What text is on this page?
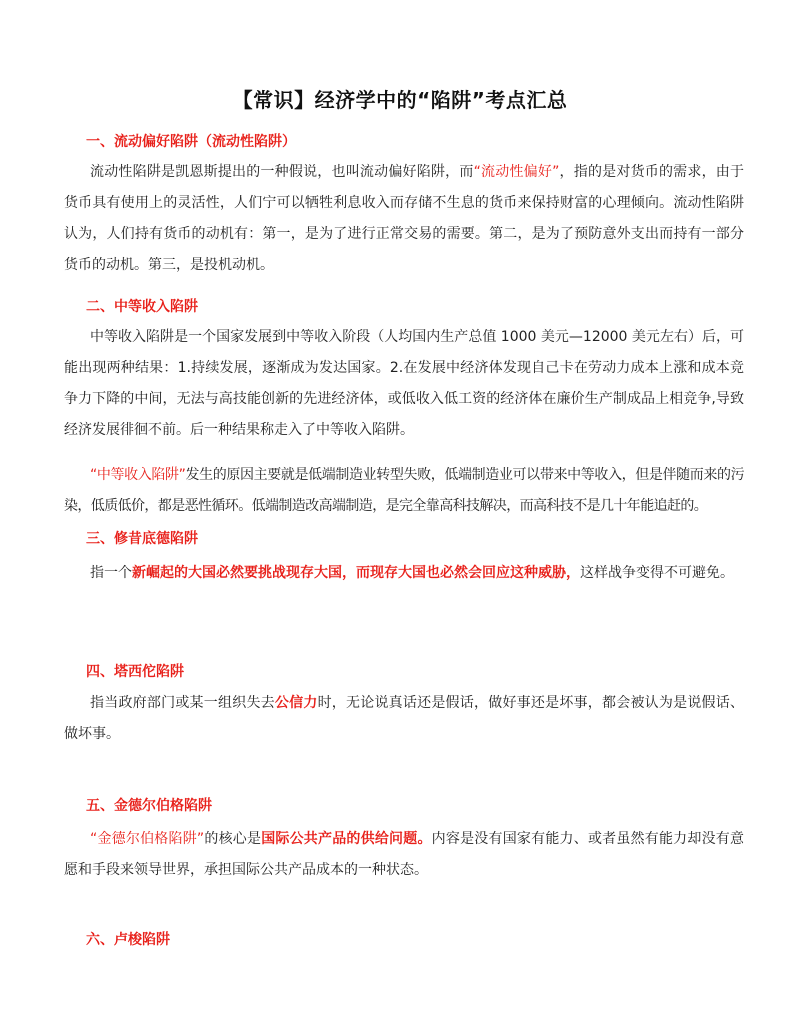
【常识】经济学中的“陷阱”考点汇总
一、流动偏好陷阱（流动性陷阱）

流动性陷阱是凯恩斯提出的一种假说，也叫流动偏好陷阱，而“流动性偏好”，指的是对货币的需求，由于货币具有使用上的灵活性，人们宁可以牺牲利息收入而存储不生息的货币来保持财富的心理倾向。流动性陷阱认为，人们持有货币的动机有：第一，是为了进行正常交易的需要。第二，是为了预防意外支出而持有一部分货币的动机。第三，是投机动机。

二、中等收入陷阱

中等收入陷阱是一个国家发展到中等收入阶段（人均国内生产总值 1000 美元—12000 美元左右）后，可能出现两种结果：1.持续发展，逐渐成为发达国家。2.在发展中经济体发现自己卡在劳动力成本上涨和成本竞争力下降的中间，无法与高技能创新的先进经济体，或低收入低工资的经济体在廉价生产制成品上相竞争,导致经济发展徘徊不前。后一种结果称走入了中等收入陷阱。

“中等收入陷阱”发生的原因主要就是低端制造业转型失败，低端制造业可以带来中等收入，但是伴随而来的污染，低质低价，都是恶性循环。低端制造改高端制造，是完全靠高科技解决，而高科技不是几十年能追赶的。

三、修昔底德陷阱

指一个新崛起的大国必然要挑战现存大国，而现存大国也必然会回应这种威胁，这样战争变得不可避免。

四、塔西佗陷阱

指当政府部门或某一组织失去公信力时，无论说真话还是假话，做好事还是坏事，都会被认为是说假话、做坏事。

五、金德尔伯格陷阱

“金德尔伯格陷阱”的核心是国际公共产品的供给问题。内容是没有国家有能力、或者虽然有能力却没有意愿和手段来领导世界，承担国际公共产品成本的一种状态。

六、卢梭陷阱
